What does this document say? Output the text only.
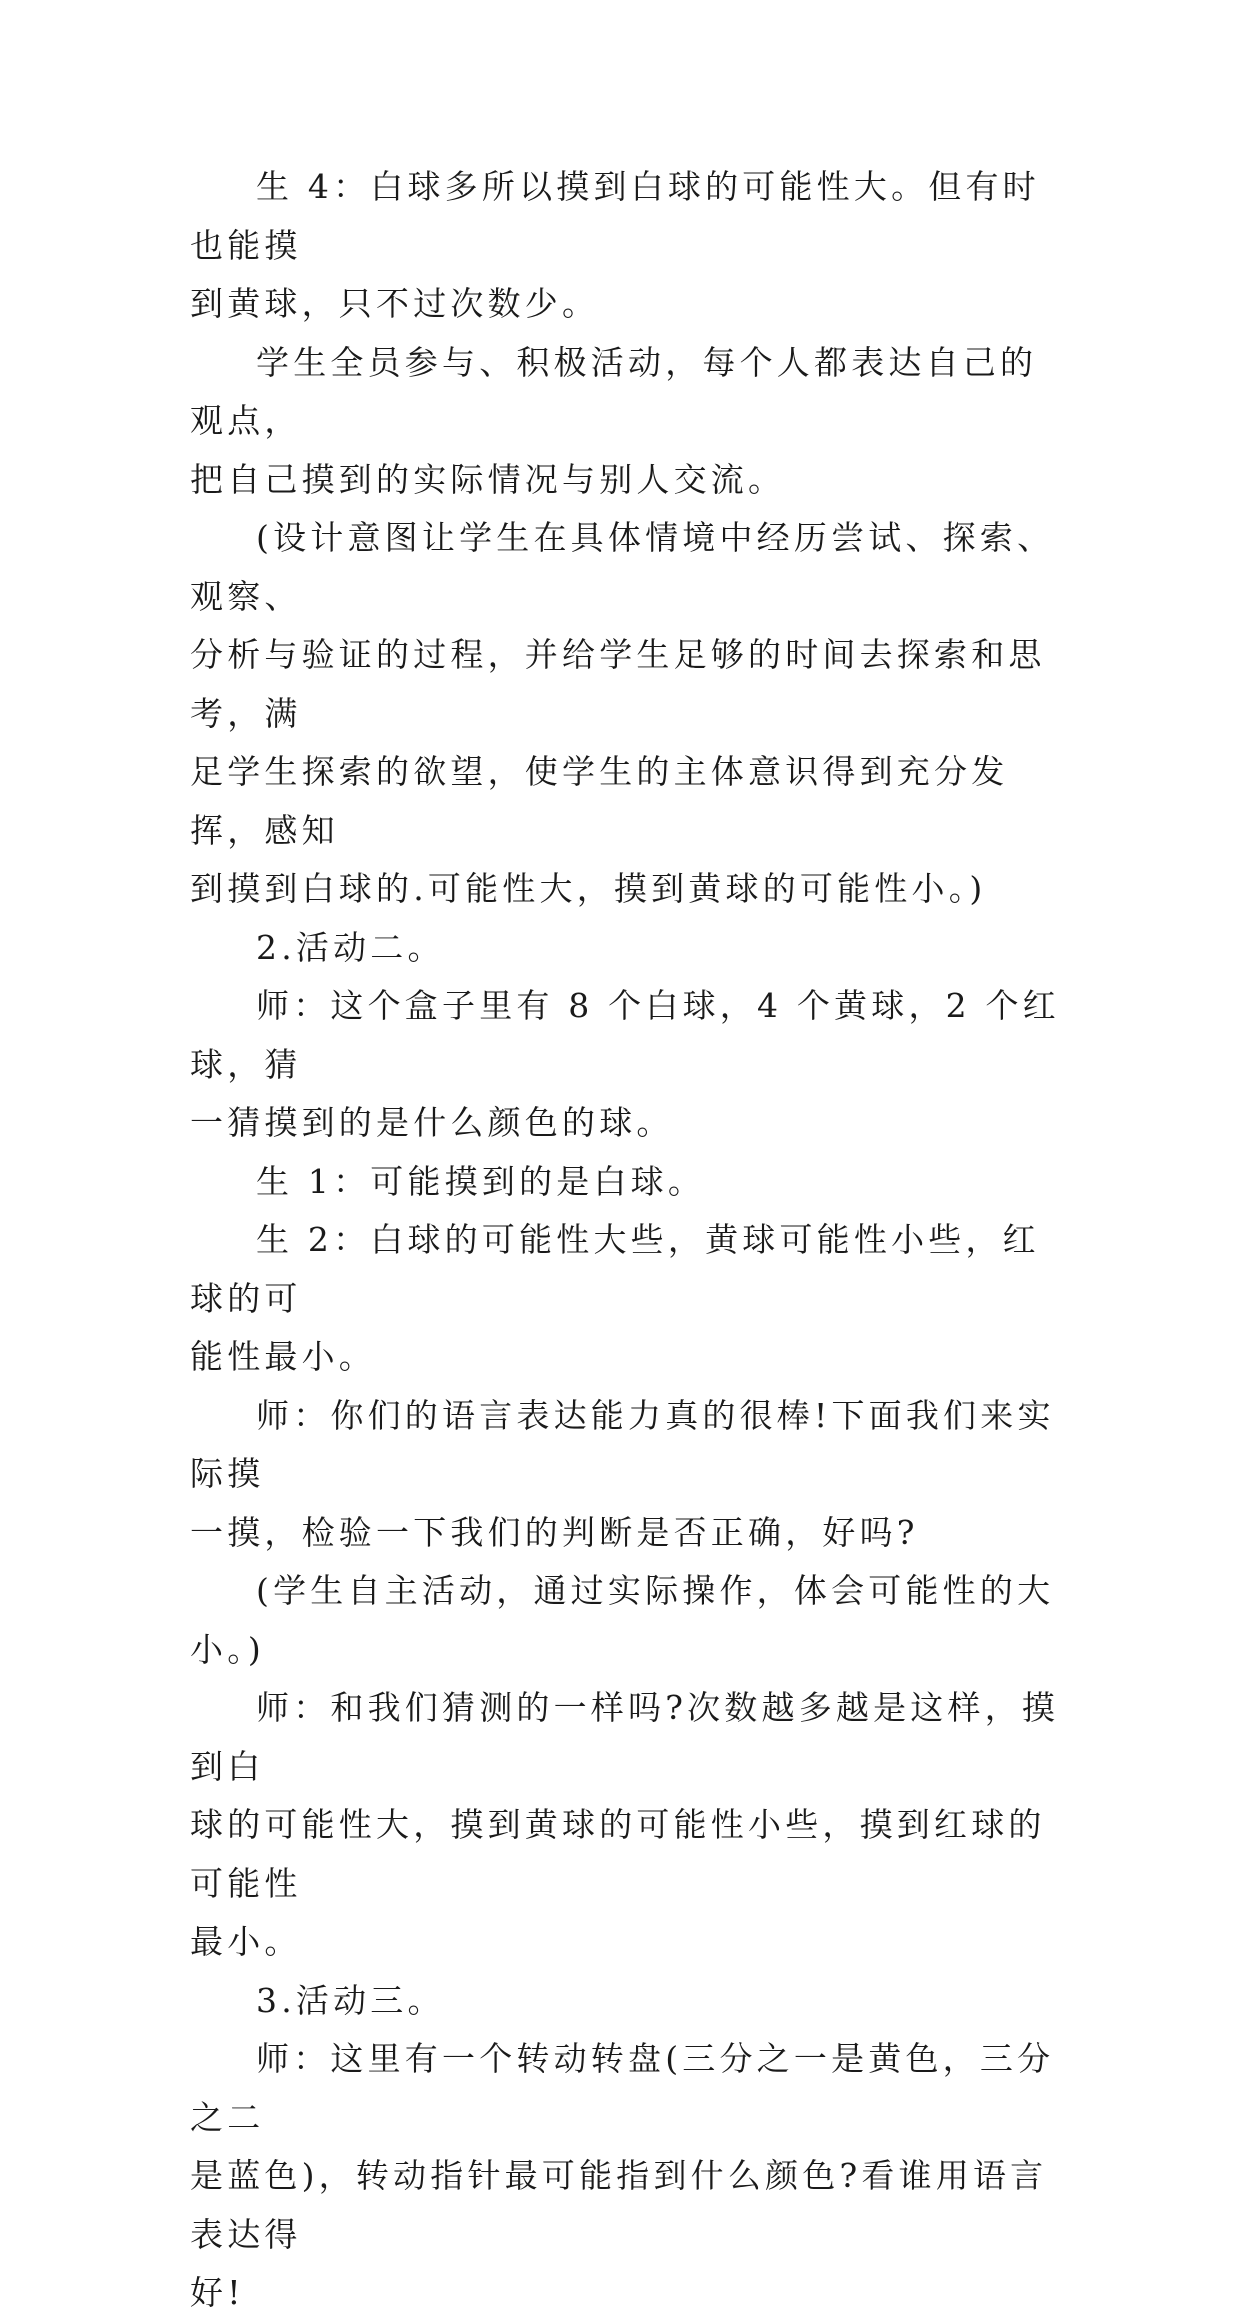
生 4：白球多所以摸到白球的可能性大。但有时也能摸
到黄球，只不过次数少。

学生全员参与、积极活动，每个人都表达自己的观点，
把自己摸到的实际情况与别人交流。

(设计意图让学生在具体情境中经历尝试、探索、观察、
分析与验证的过程，并给学生足够的时间去探索和思考，满
足学生探索的欲望，使学生的主体意识得到充分发挥，感知
到摸到白球的.可能性大，摸到黄球的可能性小。)

2.活动二。

师：这个盒子里有 8 个白球，4 个黄球，2 个红球，猜
一猜摸到的是什么颜色的球。

生 1：可能摸到的是白球。

生 2：白球的可能性大些，黄球可能性小些，红球的可
能性最小。

师：你们的语言表达能力真的很棒!下面我们来实际摸
一摸，检验一下我们的判断是否正确，好吗?

(学生自主活动，通过实际操作，体会可能性的大小。)

师：和我们猜测的一样吗?次数越多越是这样，摸到白
球的可能性大，摸到黄球的可能性小些，摸到红球的可能性
最小。

3.活动三。

师：这里有一个转动转盘(三分之一是黄色，三分之二
是蓝色)，转动指针最可能指到什么颜色?看谁用语言表达得
好!
